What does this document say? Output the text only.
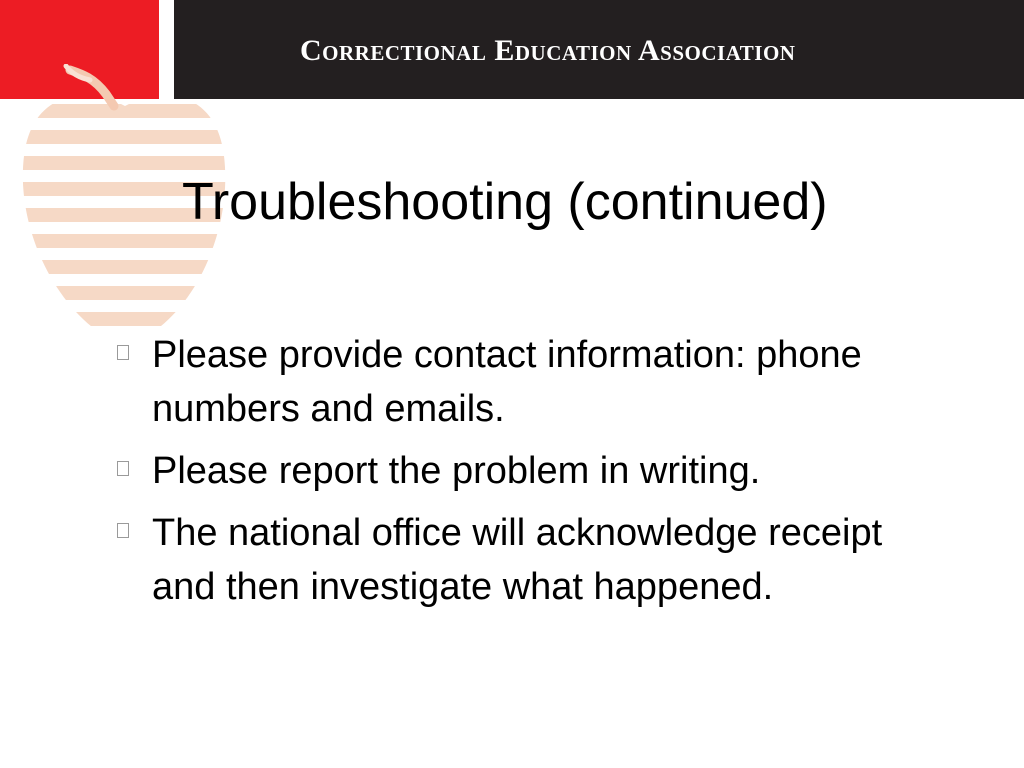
Correctional Education Association
Troubleshooting (continued)
Please provide contact information: phone numbers and emails.
Please report the problem in writing.
The national office will acknowledge receipt and then investigate what happened.
